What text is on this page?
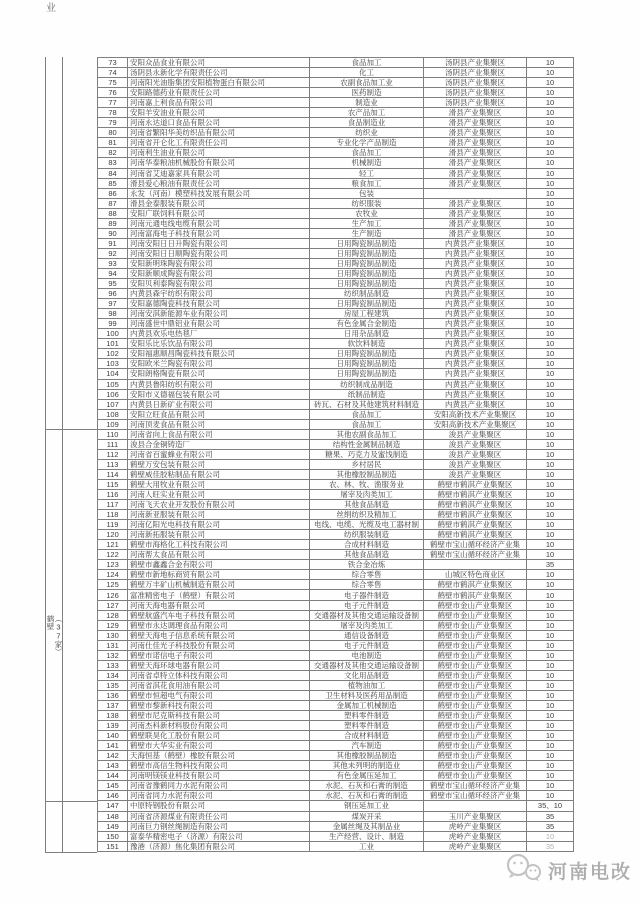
业
鹤壁（37家）
73	安阳众品食业有限公司	食品加工	汤阴县产业集聚区	10
74	汤阴县永新化学有限责任公司	化工	汤阴县产业集聚区	10
75	河南阳光油脂集团安阳植物蛋白有限公司	农副食品加工业	汤阴县产业集聚区	10
76	安阳路德药业有限责任公司	医药制造	汤阴县产业集聚区	10
77	河南嘉上利食品有限公司	制造业	汤阴县产业集聚区	10
78	安阳羊安油业有限公司	农产品加工	滑县产业集聚区	10
79	河南永达道口食品有限公司	食品制造业	滑县产业集聚区	10
80	河南省繁阳华美纺织品有限公司	纺织业	滑县产业集聚区	10
81	河南省开仑化工有限责任公司	专业化学产品制造	滑县产业集聚区	10
82	河南利生油业有限公司	食品加工	滑县产业集聚区	10
83	河南华泰粮油机械股份有限公司	机械制造	滑县产业集聚区	10
84	河南省艾迪嘉家具有限公司	轻工	滑县产业集聚区	10
85	滑县爱心粮油有限责任公司	粮食加工	滑县产业集聚区	10
86	永发（河南）模塑科技发展有限公司	包装		10
87	滑县金泰服装有限公司	纺织服装	滑县产业集聚区	10
88	安阳广联饲料有限公司	农牧业	滑县产业集聚区	10
89	河南元通电线电缆有限公司	生产加工	滑县产业集聚区	10
90	河南富海电子科技有限公司	生产制造	滑县产业集聚区	10
91	河南安阳日日升陶瓷有限公司	日用陶瓷制品制造	内黄县产业集聚区	10
92	河南安阳日日顺陶瓷有限公司	日用陶瓷制品制造	内黄县产业集聚区	10
93	安阳新明珠陶瓷有限公司	日用陶瓷制品制造	内黄县产业集聚区	10
94	安阳新顺成陶瓷有限公司	日用陶瓷制品制造	内黄县产业集聚区	10
95	安阳贝利泰陶瓷有限公司	日用陶瓷制品制造	内黄县产业集聚区	10
96	内黄县森宇纺织有限公司	纺织制品制造	内黄县产业集聚区	10
97	安阳嘉德陶瓷科技有限公司	日用陶瓷制品制造	内黄县产业集聚区	10
98	河南安淇新能源车业有限公司	房屋工程建筑	内黄县产业集聚区	10
99	河南盛世中鼎铝业有限公司	有色金属合金制造	内黄县产业集聚区	10
100	内黄县欢乐电热毯厂	日用杂品制造	内黄县产业集聚区	10
101	安阳乐比乐饮品有限公司	软饮料制造	内黄县产业集聚区	10
102	安阳福惠顺昌陶瓷科技有限公司	日用陶瓷制品制造	内黄县产业集聚区	10
103	安阳欧米兰陶瓷有限公司	日用陶瓷制品制造	内黄县产业集聚区	10
104	安阳朗格陶瓷有限公司	日用陶瓷制品制造	内黄县产业集聚区	10
105	内黄县鲁阳纺织有限公司	纺织制成品制造	内黄县产业集聚区	10
106	安阳市义德福包装有限公司	纸制品制造	内黄县产业集聚区	10
107	内黄县日新矿业有限公司	砖瓦、石材及其他建筑材料制造	内黄县产业集聚区	10
108	安阳立旺食品有限公司	食品加工	安阳高新技术产业集聚区	10
109	河南顶麦食品有限公司	食品加工	安阳高新技术产业集聚区	10
110	河南省向上食品有限公司	其他农副食品加工	浚县产业集聚区	10
111	浚县合金铜铸造厂	结构性金属制品制造	浚县产业集聚区	10
112	河南省百蜜蜂业有限公司	糖果、巧克力及蜜饯制造	浚县产业集聚区	10
113	鹤壁万安包装有限公司	乡村居民	浚县产业集聚区	10
114	鹤壁威佳胶粘制品有限公司	其他橡胶制品制造	浚县产业集聚区	10
115	鹤壁大用牧业有限公司	农、林、牧、渔服务业	鹤壁市鹤淇产业集聚区	10
116	河南人旺实业有限公司	屠宰及肉类加工	鹤壁市鹤淇产业集聚区	10
117	河南飞天农业开发股份有限公司	其他食品制造	鹤壁市鹤淇产业集聚区	10
118	河南新亚服装有限公司	丝绢纺织及精加工	鹤壁市鹤淇产业集聚区	10
119	河南亿阳光电科技有限公司	电线、电缆、光缆及电工器材制	鹤壁市鹤淇产业集聚区	10
120	河南新拓服装有限公司	纺织服装制造	鹤壁市鹤淇产业集聚区	10
121	鹤壁市海格化工科技有限公司	合成材料制造	鹤壁市宝山循环经济产业集	10
122	河南帮太食品有限公司	其他食品制造	鹤壁市宝山循环经济产业集	10
123	鹤壁市鑫鑫合金有限公司	铁合金冶炼		35
124	鹤壁市新地标商贸有限公司	综合零售	山城区特色商业区	10
125	鹤壁万丰矿山机械制造有限公司	综合零售	鹤壁市鹤淇产业集聚区	10
126	富准精密电子（鹤壁）有限公司	电子器件制造	鹤壁市鹤淇产业集聚区	10
127	河南天海电器有限公司	电子元件制造	鹤壁市金山产业集聚区	10
128	鹤壁航盛汽车电子科技有限公司	交通器材及其他交通运输设备制	鹤壁市金山产业集聚区	10
129	鹤壁市永达调理食品有限公司	屠宰及肉类加工	鹤壁市金山产业集聚区	10
130	鹤壁天海电子信息系统有限公司	通信设备制造	鹤壁市金山产业集聚区	10
131	河南仕佳光子科技股份有限公司	电子元件制造	鹤壁市金山产业集聚区	10
132	鹤壁市诺信电子有限公司	电池制造	鹤壁市金山产业集聚区	10
133	鹤壁天海环球电器有限公司	交通器材及其他交通运输设备制	鹤壁市金山产业集聚区	10
134	河南省卓特立体科技有限公司	文化用品制造	鹤壁市金山产业集聚区	10
135	河南省淇花食用油有限公司	植物油加工	鹤壁市金山产业集聚区	10
136	鹤壁市恒超电气有限公司	卫生材料及医药用品制造	鹤壁市金山产业集聚区	10
137	鹤壁市黎新科技有限公司	金属加工机械制造	鹤壁市金山产业集聚区	10
138	鹤壁市尼克斯科技有限公司	塑料零件制造	鹤壁市金山产业集聚区	10
139	河南杰科新材料股份有限公司	塑料零件制造	鹤壁市金山产业集聚区	10
140	鹤壁联昊化工股份有限公司	合成材料制造	鹤壁市金山产业集聚区	10
141	鹤壁市大华实业有限公司	汽车制造	鹤壁市金山产业集聚区	10
142	天海恒基（鹤壁）橡胶有限公司	其他橡胶制品制造	鹤壁市金山产业集聚区	10
143	鹤壁市高信生物科技有限公司	其他未列明的制造业	鹤壁市金山产业集聚区	10
144	河南明镁镁业科技有限公司	有色金属压延加工	鹤壁市金山产业集聚区	10
145	河南省豫鹤同力水泥有限公司	水泥、石灰和石膏的制造	鹤壁市宝山循环经济产业集	10
146	河南省同力水泥有限公司	水泥、石灰和石膏的制造	鹤壁市宝山循环经济产业集	10
147	中原特钢股份有限公司	钢压延加工业		35、10
148	河南省济源煤业有限责任公司	煤炭开采	玉川产业集聚区	35
149	河南巨力钢丝绳制造有限公司	金属丝绳及其制品业	虎岭产业集聚区	35
150	富泰华精密电子（济源）有限公司	生产经营、设计、制造	虎岭产业集聚区	10
151	豫港（济源）焦化集团有限公司	工业	虎岭产业集聚区	35
河南电改
